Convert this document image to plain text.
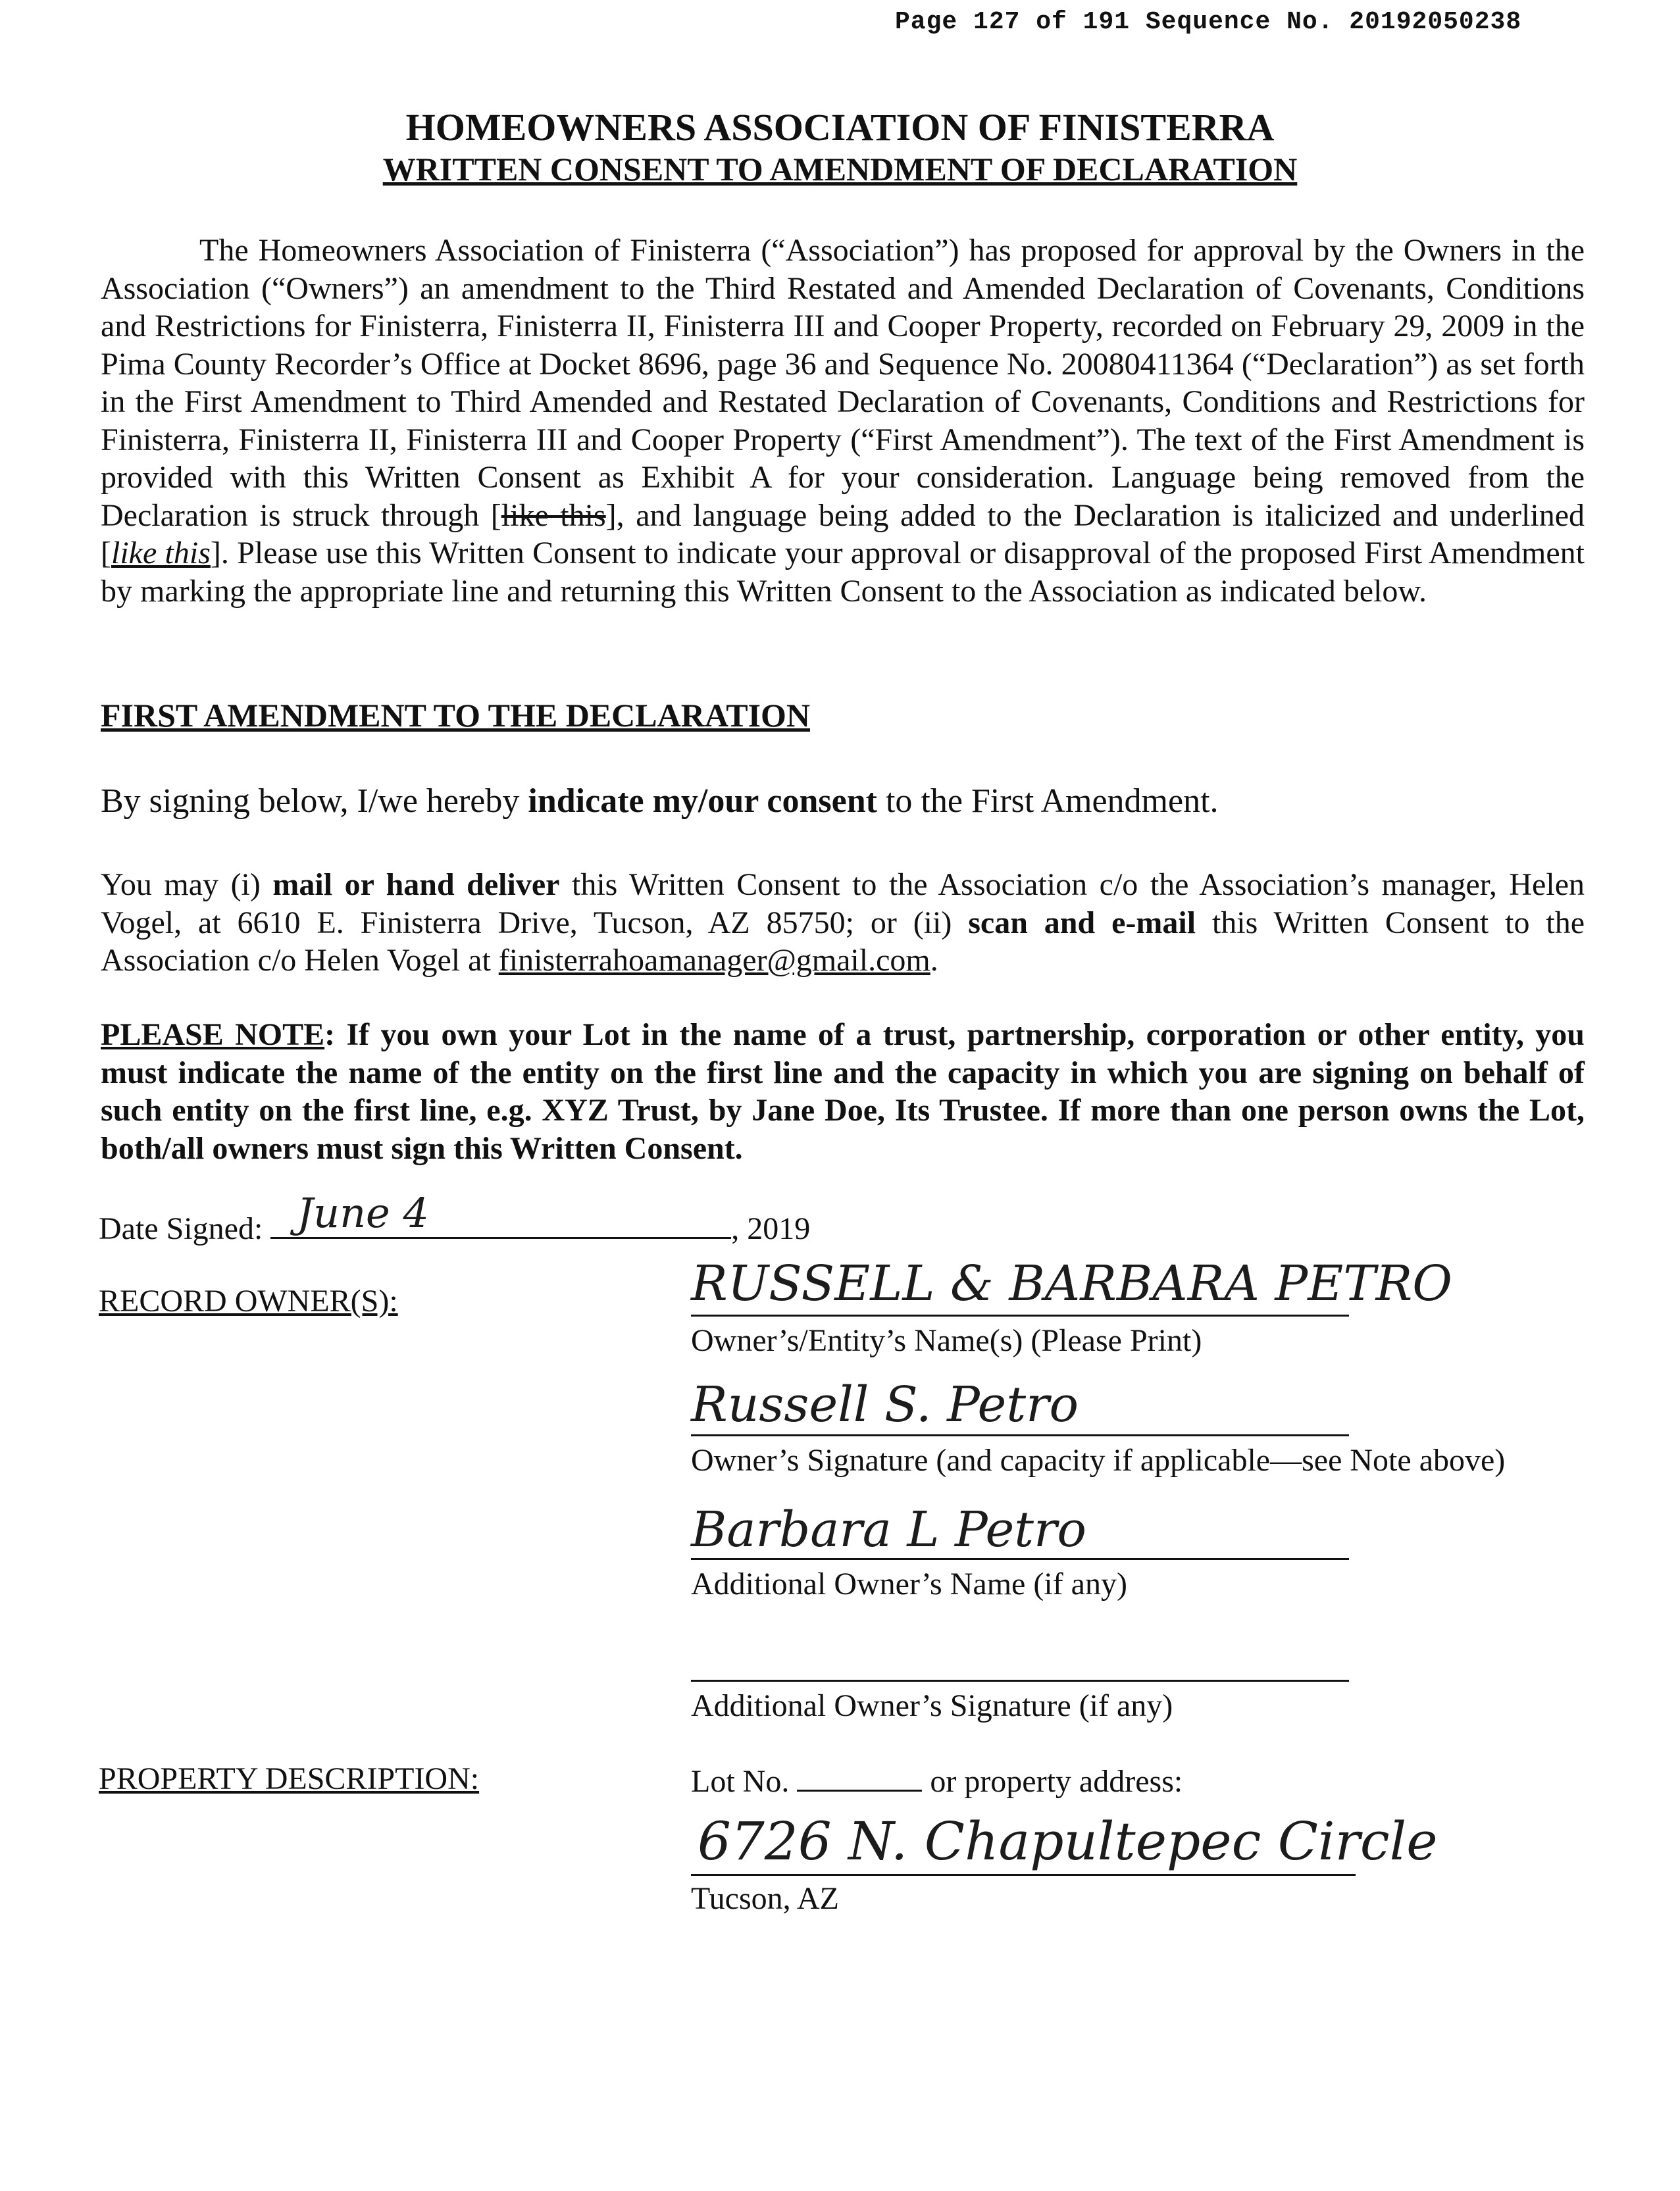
Page 127 of 191 Sequence No. 20192050238
HOMEOWNERS ASSOCIATION OF FINISTERRA
WRITTEN CONSENT TO AMENDMENT OF DECLARATION

The Homeowners Association of Finisterra (“Association”) has proposed for approval by the Owners in the Association (“Owners”) an amendment to the Third Restated and Amended Declaration of Covenants, Conditions and Restrictions for Finisterra, Finisterra II, Finisterra III and Cooper Property, recorded on February 29, 2009 in the Pima County Recorder’s Office at Docket 8696, page 36 and Sequence No. 20080411364 (“Declaration”) as set forth in the First Amendment to Third Amended and Restated Declaration of Covenants, Conditions and Restrictions for Finisterra, Finisterra II, Finisterra III and Cooper Property (“First Amendment”). The text of the First Amendment is provided with this Written Consent as Exhibit A for your consideration. Language being removed from the Declaration is struck through [like this], and language being added to the Declaration is italicized and underlined [like this]. Please use this Written Consent to indicate your approval or disapproval of the proposed First Amendment by marking the appropriate line and returning this Written Consent to the Association as indicated below.

FIRST AMENDMENT TO THE DECLARATION
By signing below, I/we hereby indicate my/our consent to the First Amendment.

You may (i) mail or hand deliver this Written Consent to the Association c/o the Association’s manager, Helen Vogel, at 6610 E. Finisterra Drive, Tucson, AZ 85750; or (ii) scan and e-mail this Written Consent to the Association c/o Helen Vogel at finisterrahoamanager@gmail.com.

PLEASE NOTE: If you own your Lot in the name of a trust, partnership, corporation or other entity, you must indicate the name of the entity on the first line and the capacity in which you are signing on behalf of such entity on the first line, e.g. XYZ Trust, by Jane Doe, Its Trustee. If more than one person owns the Lot, both/all owners must sign this Written Consent.

Date Signed: June 4	, 2019
RECORD OWNER(S):	RUSSELL & BARBARA PETRO
Owner’s/Entity’s Name(s) (Please Print)
Russell S. Petro
Owner’s Signature (and capacity if applicable—see Note above)
Barbara L Petro
Additional Owner’s Name (if any)
Additional Owner’s Signature (if any)
PROPERTY DESCRIPTION:	Lot No.	or property address:
6726 N. Chapultepec Circle
Tucson, AZ
